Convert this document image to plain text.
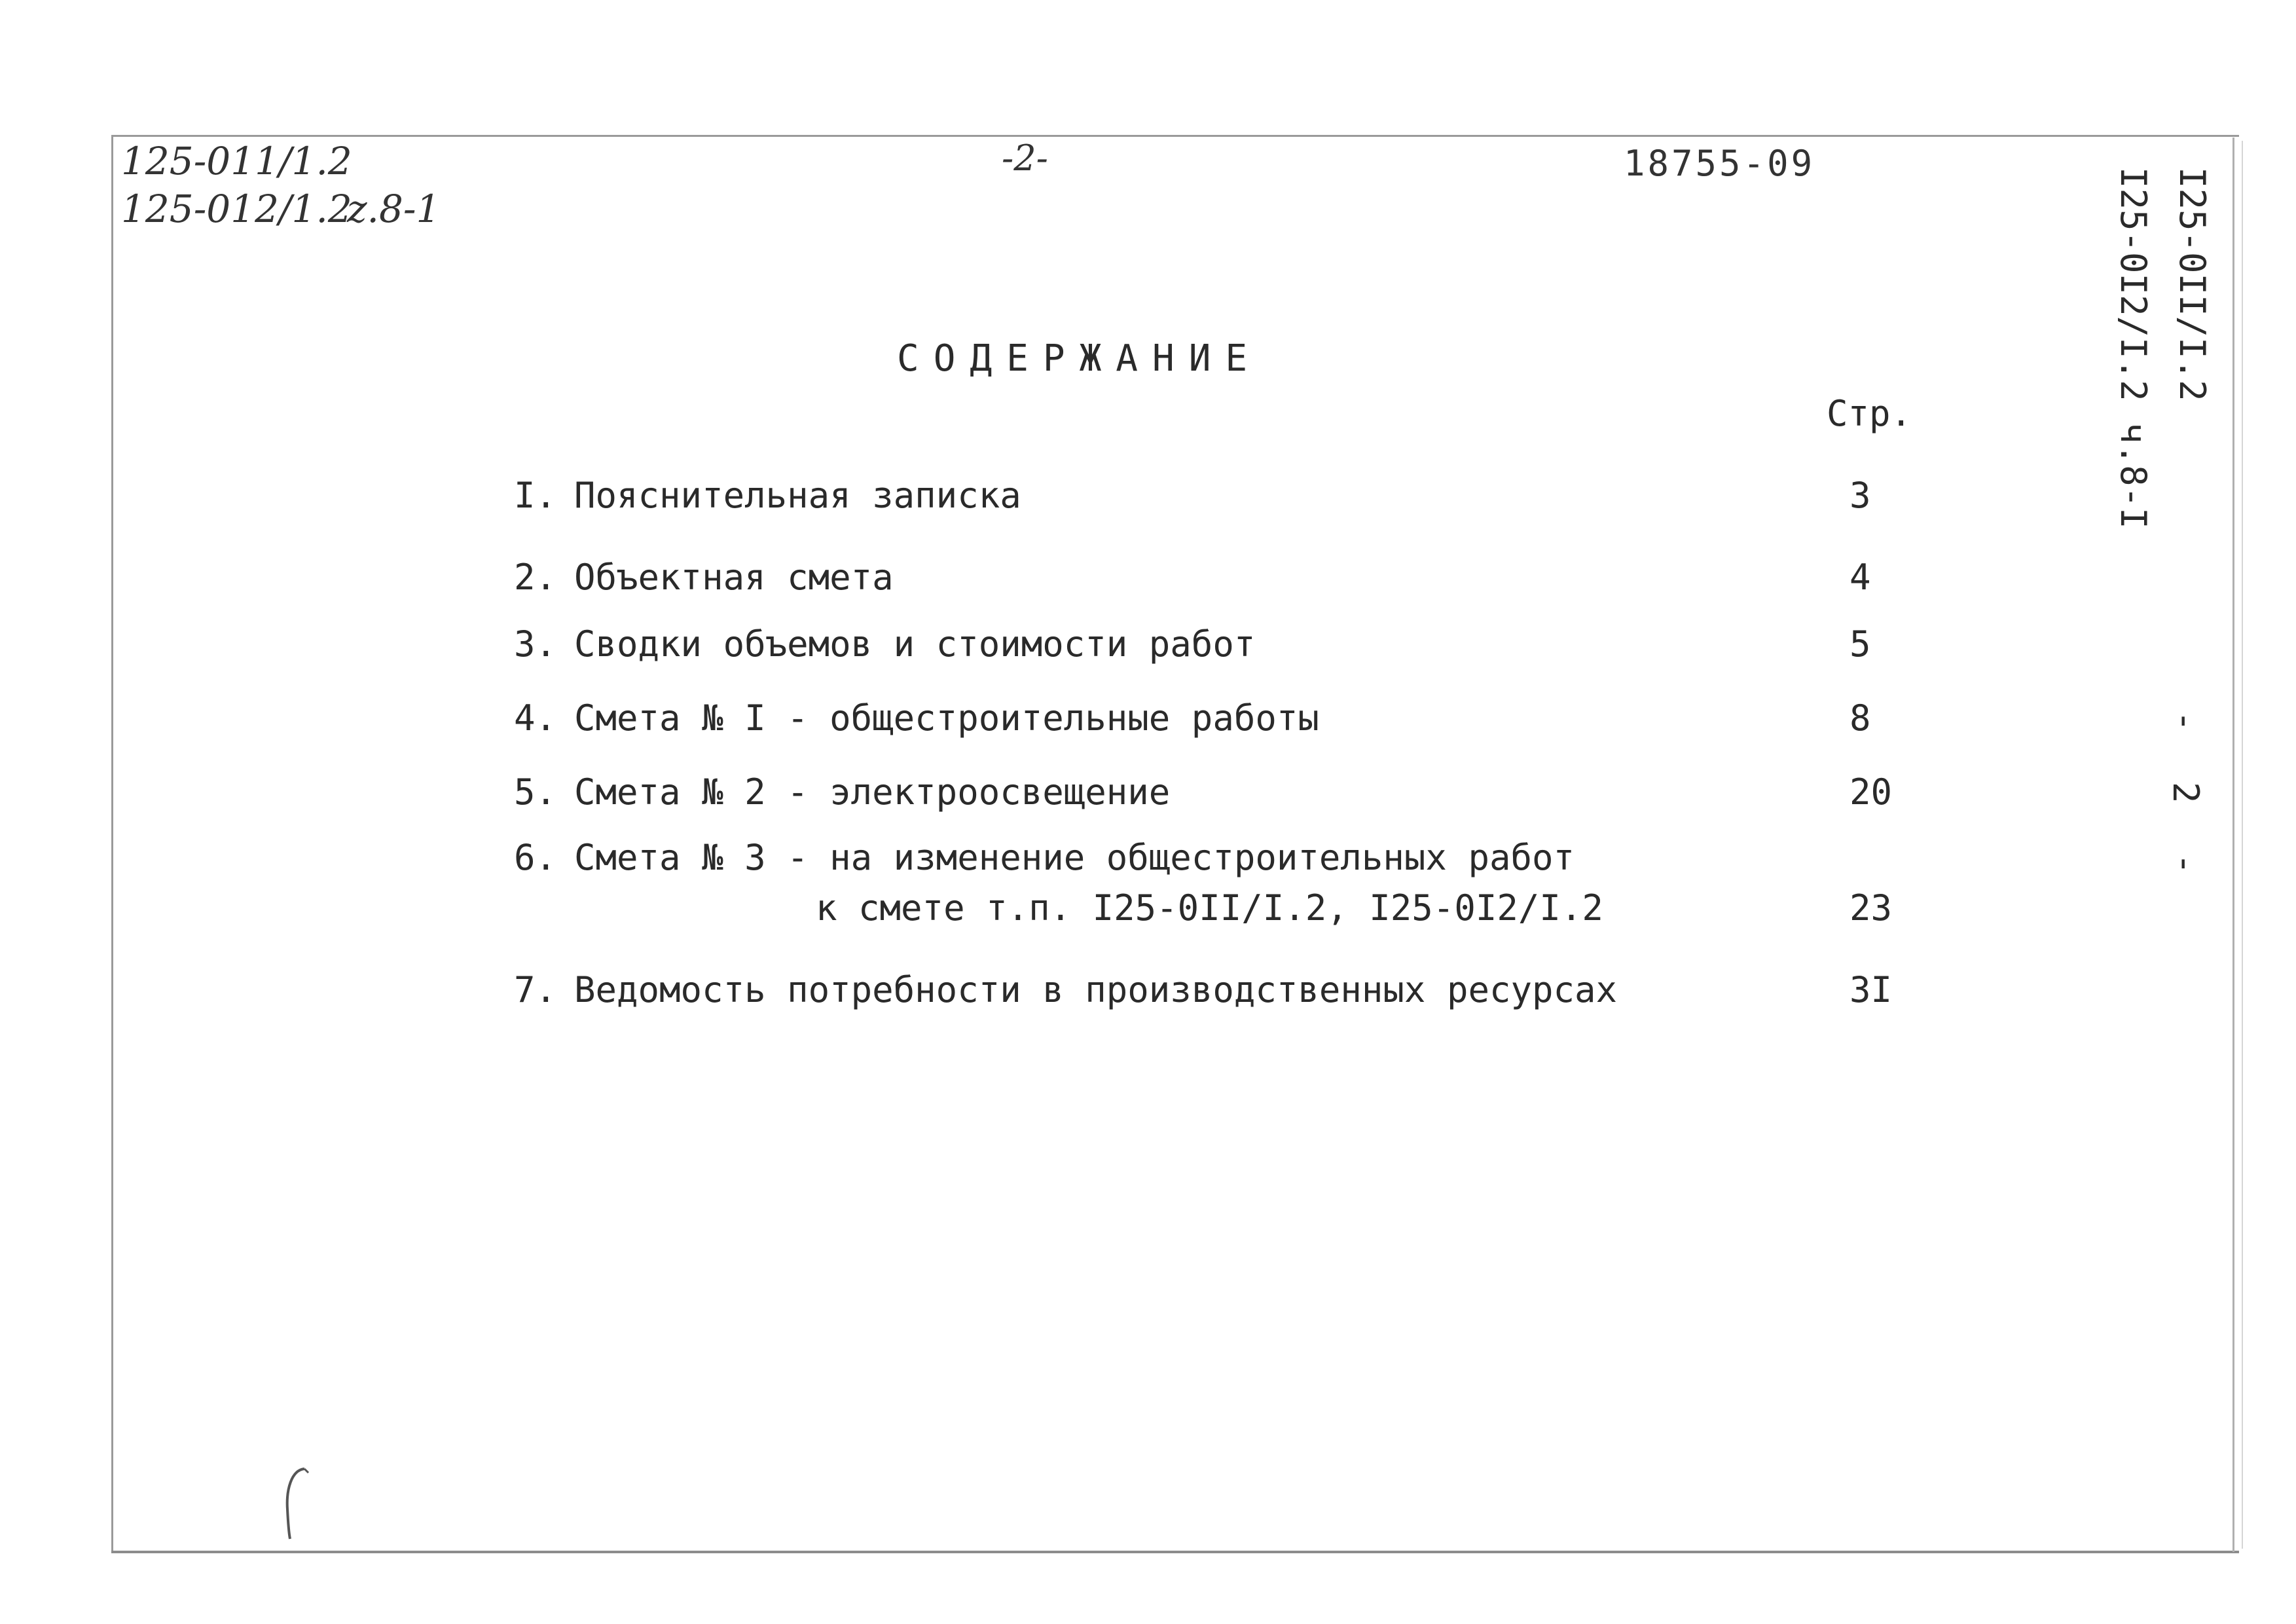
125-011/1.2
125-012/1.2
z.8-1
-2-	18755-09
I25-0II/I.2
I25-0I2/I.2 ч.8-I
- 2 -
СОДЕРЖАНИЕ
Стр.
I. Пояснительная записка	3
2. Объектная смета	4
3. Сводки объемов и стоимости работ	5
4. Смета № I - общестроительные работы	8
5. Смета № 2 - электроосвещение	20
6. Смета № 3 - на изменение общестроительных работ
к смете т.п. I25-0II/I.2, I25-0I2/I.2	23
7. Ведомость потребности в производственных ресурсах	3I
